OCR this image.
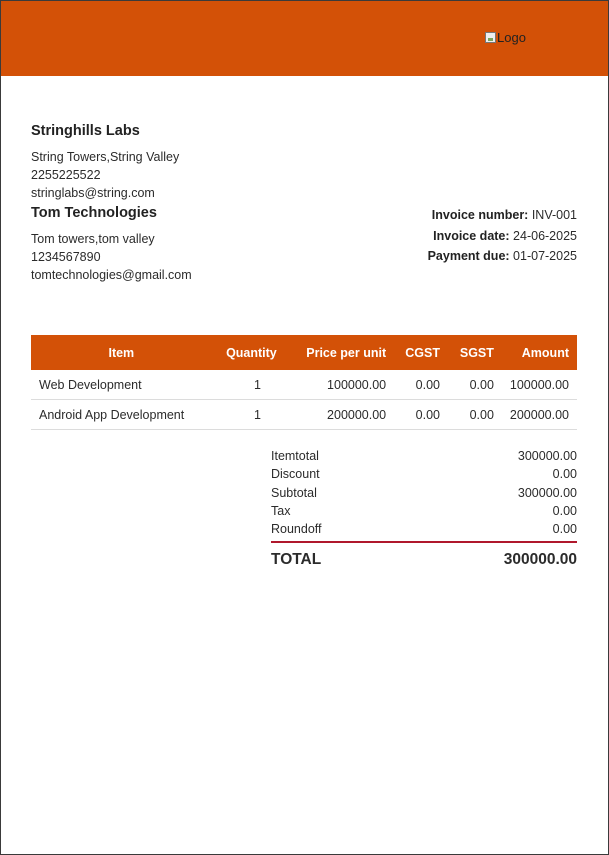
Logo
Stringhills Labs
String Towers,String Valley
2255225522
stringlabs@string.com
Tom Technologies
Tom towers,tom valley
1234567890
tomtechnologies@gmail.com
Invoice number: INV-001
Invoice date: 24-06-2025
Payment due: 01-07-2025
Item	Quantity	Price per unit	CGST	SGST	Amount
Web Development	1	100000.00	0.00	0.00	100000.00
Android App Development	1	200000.00	0.00	0.00	200000.00
Itemtotal	300000.00
Discount	0.00
Subtotal	300000.00
Tax	0.00
Roundoff	0.00
TOTAL	300000.00
